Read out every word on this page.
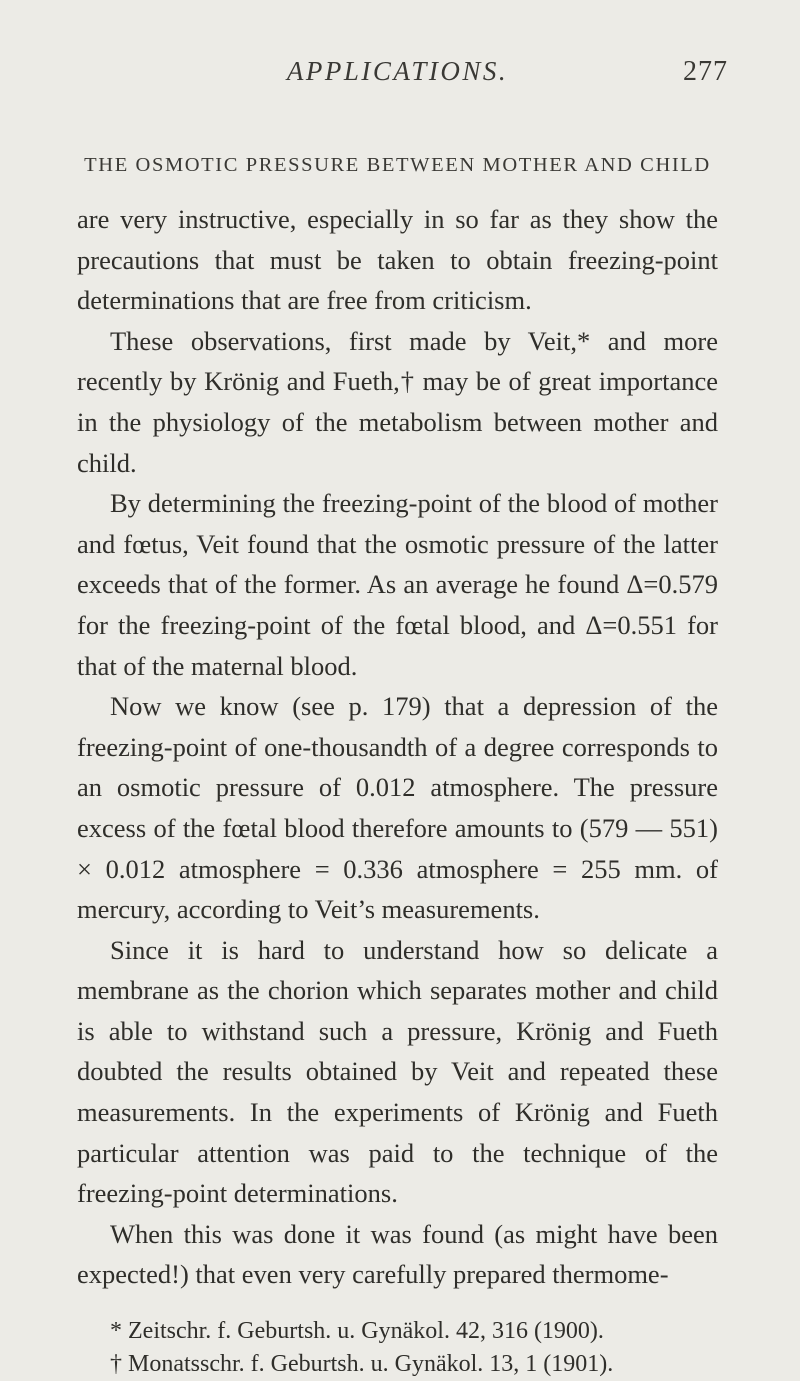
APPLICATIONS.	277
THE OSMOTIC PRESSURE BETWEEN MOTHER AND CHILD

are very instructive, especially in so far as they show the precautions that must be taken to obtain freezing-point determinations that are free from criticism.

These observations, first made by Veit,* and more recently by Krönig and Fueth,† may be of great importance in the physiology of the metabolism between mother and child.

By determining the freezing-point of the blood of mother and fœtus, Veit found that the osmotic pressure of the latter exceeds that of the former. As an average he found Δ=0.579 for the freezing-point of the fœtal blood, and Δ=0.551 for that of the maternal blood.

Now we know (see p. 179) that a depression of the freezing-point of one-thousandth of a degree corresponds to an osmotic pressure of 0.012 atmosphere. The pressure excess of the fœtal blood therefore amounts to (579 — 551) × 0.012 atmosphere = 0.336 atmosphere = 255 mm. of mercury, according to Veit’s measurements.

Since it is hard to understand how so delicate a membrane as the chorion which separates mother and child is able to withstand such a pressure, Krönig and Fueth doubted the results obtained by Veit and repeated these measurements. In the experiments of Krönig and Fueth particular attention was paid to the technique of the freezing-point determinations.

When this was done it was found (as might have been expected!) that even very carefully prepared thermome-

* Zeitschr. f. Geburtsh. u. Gynäkol. 42, 316 (1900).

† Monatsschr. f. Geburtsh. u. Gynäkol. 13, 1 (1901).
